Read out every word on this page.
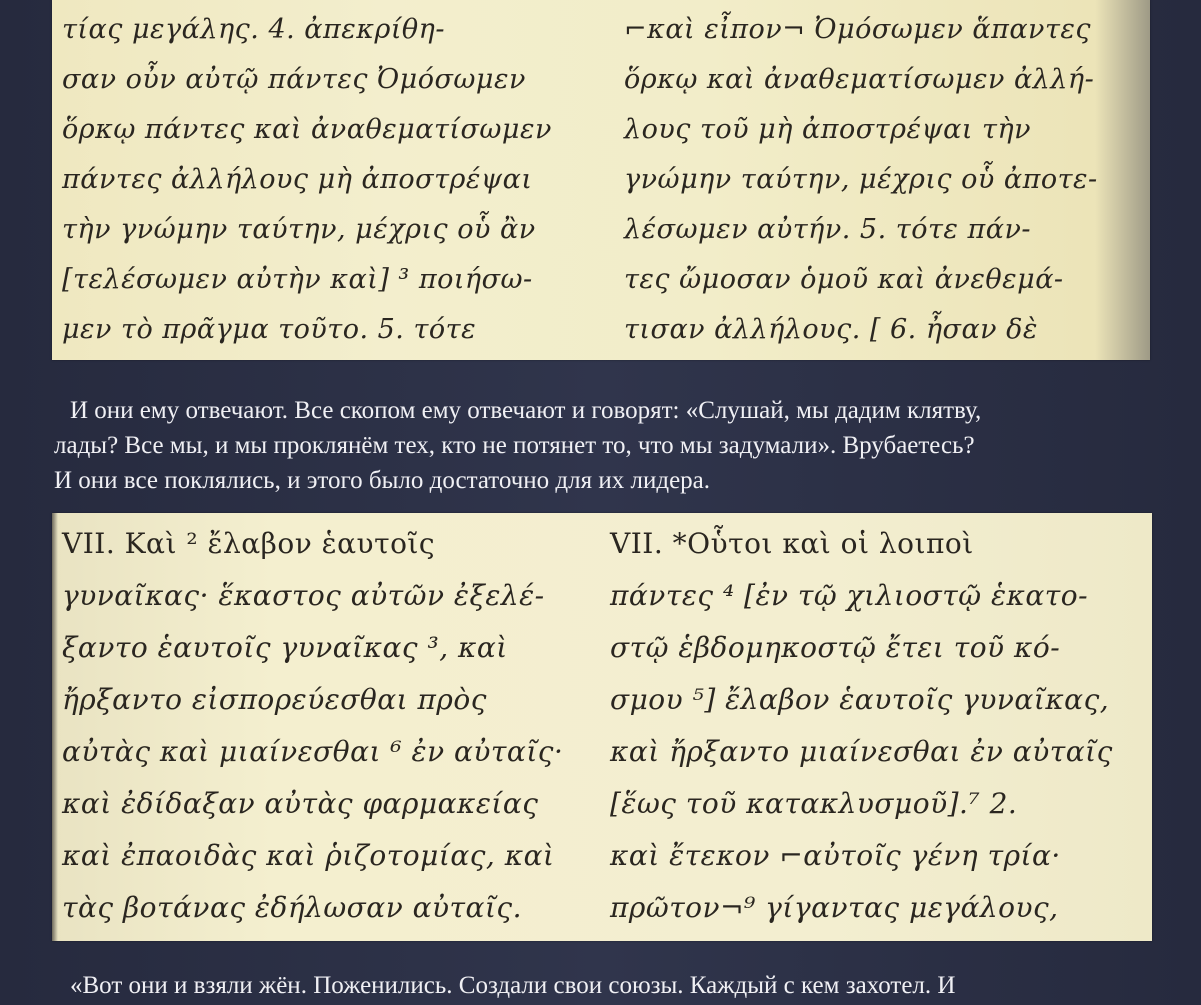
τίας μεγάλης. 4. ἀπεκρίθη-
σαν οὖν αὐτῷ πάντες Ὀμόσωμεν
ὅρκῳ πάντες καὶ ἀναθεματίσωμεν
πάντες ἀλλήλους μὴ ἀποστρέψαι
τὴν γνώμην ταύτην, μέχρις οὗ ἂν
[τελέσωμεν αὐτὴν καὶ] ³ ποιήσω-
μεν τὸ πρᾶγμα τοῦτο. 5. τότε
⌐καὶ εἶπον¬ Ὀμόσωμεν ἅπαντες
ὅρκῳ καὶ ἀναθεματίσωμεν ἀλλή-
λους τοῦ μὴ ἀποστρέψαι τὴν
γνώμην ταύτην, μέχρις οὗ ἀποτε-
λέσωμεν αὐτήν. 5. τότε πάν-
τες ὤμοσαν ὁμοῦ καὶ ἀνεθεμά-
τισαν ἀλλήλους. [ 6. ἦσαν δὲ
И они ему отвечают. Все скопом ему отвечают и говорят: «Слушай, мы дадим клятву,
лады? Все мы, и мы проклянём тех, кто не потянет то, что мы задумали». Врубаетесь?
И они все поклялись, и этого было достаточно для их лидера.
VII. Καὶ ² ἔλαβον ἑαυτοῖς
γυναῖκας· ἕκαστος αὐτῶν ἐξελέ-
ξαντο ἑαυτοῖς γυναῖκας ³, καὶ
ἤρξαντο εἰσπορεύεσθαι πρὸς
αὐτὰς καὶ μιαίνεσθαι ⁶ ἐν αὐταῖς·
καὶ ἐδίδαξαν αὐτὰς φαρμακείας
καὶ ἐπαοιδὰς καὶ ῥιζοτομίας, καὶ
τὰς βοτάνας ἐδήλωσαν αὐταῖς.
VII. *Οὗτοι καὶ οἱ λοιποὶ
πάντες ⁴ [ἐν τῷ χιλιοστῷ ἑκατο-
στῷ ἑβδομηκοστῷ ἔτει τοῦ κό-
σμου ⁵] ἔλαβον ἑαυτοῖς γυναῖκας,
καὶ ἤρξαντο μιαίνεσθαι ἐν αὐταῖς
[ἕως τοῦ κατακλυσμοῦ].⁷ 2.
καὶ ἔτεκον ⌐αὐτοῖς γένη τρία·
πρῶτον¬⁹ γίγαντας μεγάλους,
«Вот они и взяли жён. Поженились. Создали свои союзы. Каждый с кем захотел. И
